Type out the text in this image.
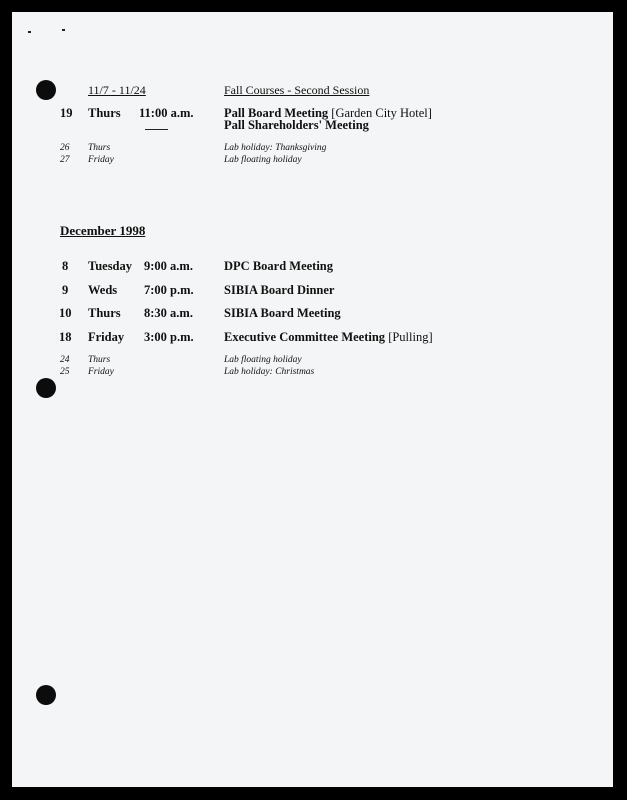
11/7 - 11/24	Fall Courses - Second Session
19 Thurs 11:00 a.m. Pall Board Meeting [Garden City Hotel]
Pall Shareholders' Meeting
26 Thurs	Lab holiday: Thanksgiving
27 Friday	Lab floating holiday
December 1998
8 Tuesday 9:00 a.m. DPC Board Meeting
9 Weds 7:00 p.m. SIBIA Board Dinner
10 Thurs 8:30 a.m. SIBIA Board Meeting
18 Friday 3:00 p.m. Executive Committee Meeting [Pulling]
24 Thurs	Lab floating holiday
25 Friday	Lab holiday: Christmas
